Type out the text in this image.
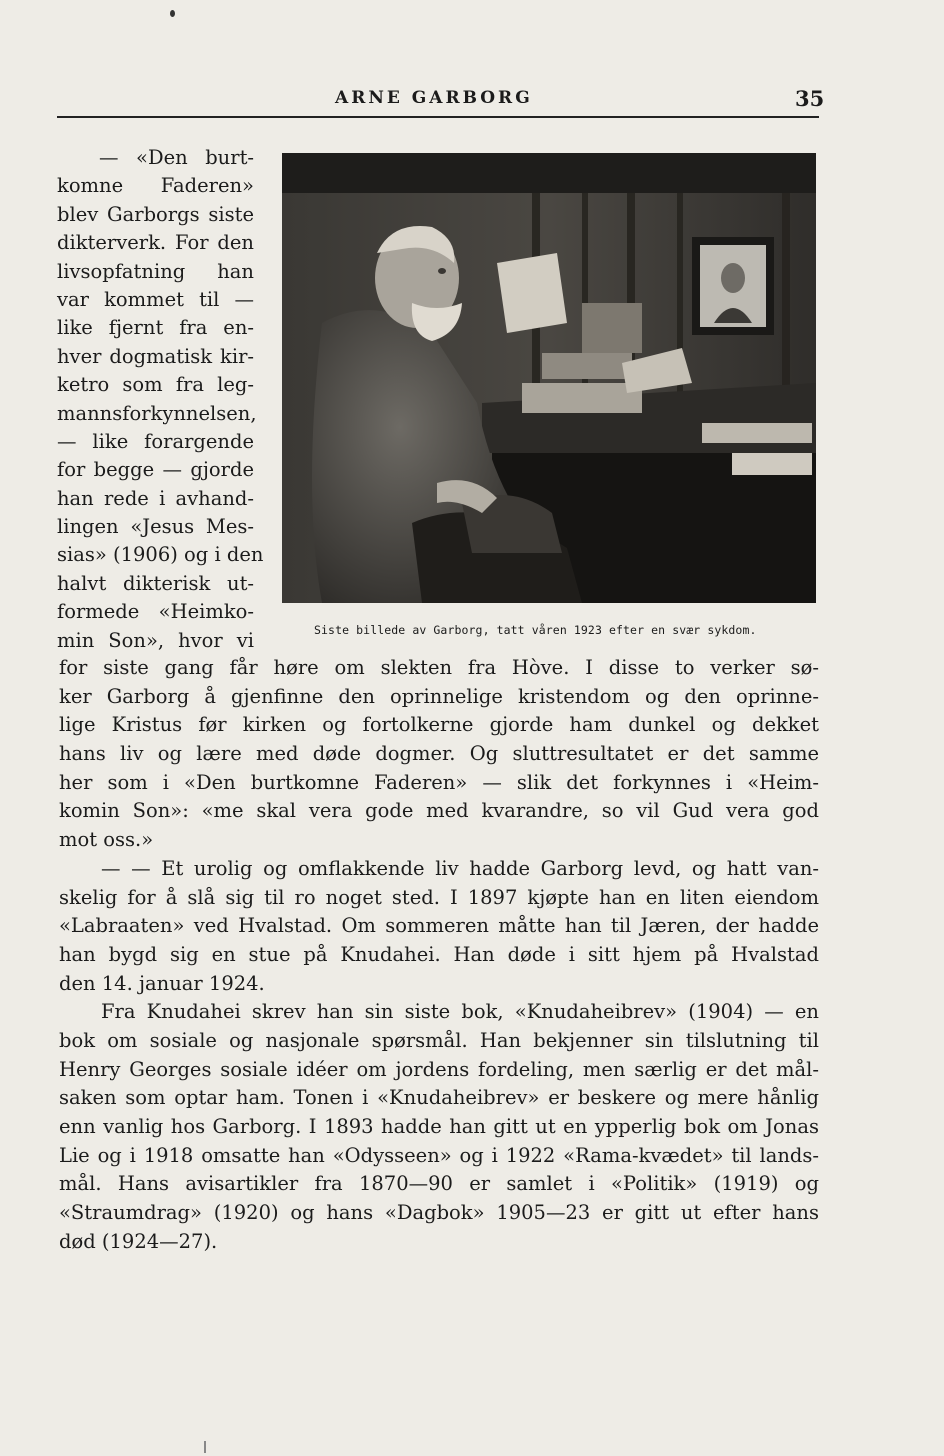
ARNE GARBORG	35
— «Den burt-
komne Faderen»
blev Garborgs siste
dikterverk. For den
livsopfatning han
var kommet til —
like fjernt fra en-
hver dogmatisk kir-
ketro som fra leg-
mannsforkynnelsen,
— like forargende
for begge — gjorde
han rede i avhand-
lingen «Jesus Mes-
sias» (1906) og i den
halvt dikterisk ut-
formede «Heimko-
min Son», hvor vi	Siste billede av Garborg, tatt våren 1923 efter en svær sykdom.
for siste gang får høre om slekten fra Hòve. I disse to verker sø-
ker Garborg å gjenfinne den oprinnelige kristendom og den oprinne-
lige Kristus før kirken og fortolkerne gjorde ham dunkel og dekket
hans liv og lære med døde dogmer. Og sluttresultatet er det samme
her som i «Den burtkomne Faderen» — slik det forkynnes i «Heim-
komin Son»: «me skal vera gode med kvarandre, so vil Gud vera god
mot oss.»
— — Et urolig og omflakkende liv hadde Garborg levd, og hatt van-
skelig for å slå sig til ro noget sted. I 1897 kjøpte han en liten eiendom
«Labraaten» ved Hvalstad. Om sommeren måtte han til Jæren, der hadde
han bygd sig en stue på Knudahei. Han døde i sitt hjem på Hvalstad
den 14. januar 1924.
Fra Knudahei skrev han sin siste bok, «Knudaheibrev» (1904) — en
bok om sosiale og nasjonale spørsmål. Han bekjenner sin tilslutning til
Henry Georges sosiale idéer om jordens fordeling, men særlig er det mål-
saken som optar ham. Tonen i «Knudaheibrev» er beskere og mere hånlig
enn vanlig hos Garborg. I 1893 hadde han gitt ut en ypperlig bok om Jonas
Lie og i 1918 omsatte han «Odysseen» og i 1922 «Rama-kvædet» til lands-
mål. Hans avisartikler fra 1870—90 er samlet i «Politik» (1919) og
«Straumdrag» (1920) og hans «Dagbok» 1905—23 er gitt ut efter hans
død (1924—27).
